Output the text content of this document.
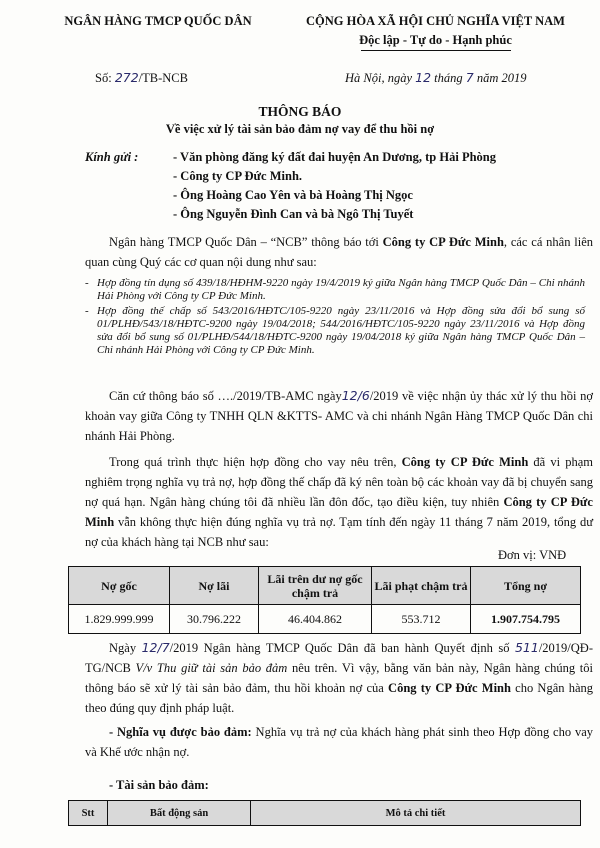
NGÂN HÀNG TMCP QUỐC DÂN	CỘNG HÒA XÃ HỘI CHỦ NGHĨA VIỆT NAM
Độc lập - Tự do - Hạnh phúc
Số: 272/TB-NCB	Hà Nội, ngày 12 tháng 7 năm 2019
THÔNG BÁO
Về việc xử lý tài sản bảo đảm nợ vay để thu hồi nợ
Kính gửi :	- Văn phòng đăng ký đất đai huyện An Dương, tp Hải Phòng
- Công ty CP Đức Minh.
- Ông Hoàng Cao Yên và bà Hoàng Thị Ngọc
- Ông Nguyễn Đình Can và bà Ngô Thị Tuyết

Ngân hàng TMCP Quốc Dân – “NCB” thông báo tới Công ty CP Đức Minh, các cá nhân liên quan cùng Quý các cơ quan nội dung như sau:

- Hợp đồng tín dụng số 439/18/HĐHM-9220 ngày 19/4/2019 ký giữa Ngân hàng TMCP Quốc Dân – Chi nhánh Hải Phòng với Công ty CP Đức Minh.
- Hợp đồng thế chấp số 543/2016/HĐTC/105-9220 ngày 23/11/2016 và Hợp đồng sửa đổi bổ sung số 01/PLHĐ/543/18/HĐTC-9200 ngày 19/04/2018; 544/2016/HĐTC/105-9220 ngày 23/11/2016 và Hợp đồng sửa đổi bổ sung số 01/PLHĐ/544/18/HĐTC-9200 ngày 19/04/2018 ký giữa Ngân hàng TMCP Quốc Dân – Chi nhánh Hải Phòng với Công ty CP Đức Minh.

Căn cứ thông báo số …./2019/TB-AMC ngày12/6/2019 về việc nhận ủy thác xử lý thu hồi nợ khoản vay giữa Công ty TNHH QLN &KTTS- AMC và chi nhánh Ngân Hàng TMCP Quốc Dân chi nhánh Hải Phòng.

Trong quá trình thực hiện hợp đồng cho vay nêu trên, Công ty CP Đức Minh đã vi phạm nghiêm trọng nghĩa vụ trả nợ, hợp đồng thế chấp đã ký nên toàn bộ các khoản vay đã bị chuyển sang nợ quá hạn. Ngân hàng chúng tôi đã nhiều lần đôn đốc, tạo điều kiện, tuy nhiên Công ty CP Đức Minh vẫn không thực hiện đúng nghĩa vụ trả nợ. Tạm tính đến ngày 11 tháng 7 năm 2019, tổng dư nợ của khách hàng tại NCB như sau:

Đơn vị: VNĐ
Nợ gốc	Nợ lãi	Lãi trên dư nợ gốc chậm trả	Lãi phạt chậm trả	Tổng nợ
1.829.999.999	30.796.222	46.404.862	553.712	1.907.754.795

Ngày 12/7/2019 Ngân hàng TMCP Quốc Dân đã ban hành Quyết định số 511/2019/QĐ-TG/NCB V/v Thu giữ tài sản bảo đảm nêu trên. Vì vậy, bằng văn bản này, Ngân hàng chúng tôi thông báo sẽ xử lý tài sản bảo đảm, thu hồi khoản nợ của Công ty CP Đức Minh cho Ngân hàng theo đúng quy định pháp luật.

- Nghĩa vụ được bảo đảm: Nghĩa vụ trả nợ của khách hàng phát sinh theo Hợp đồng cho vay và Khế ước nhận nợ.

- Tài sản bảo đảm:

Stt	Bất động sản	Mô tả chi tiết
